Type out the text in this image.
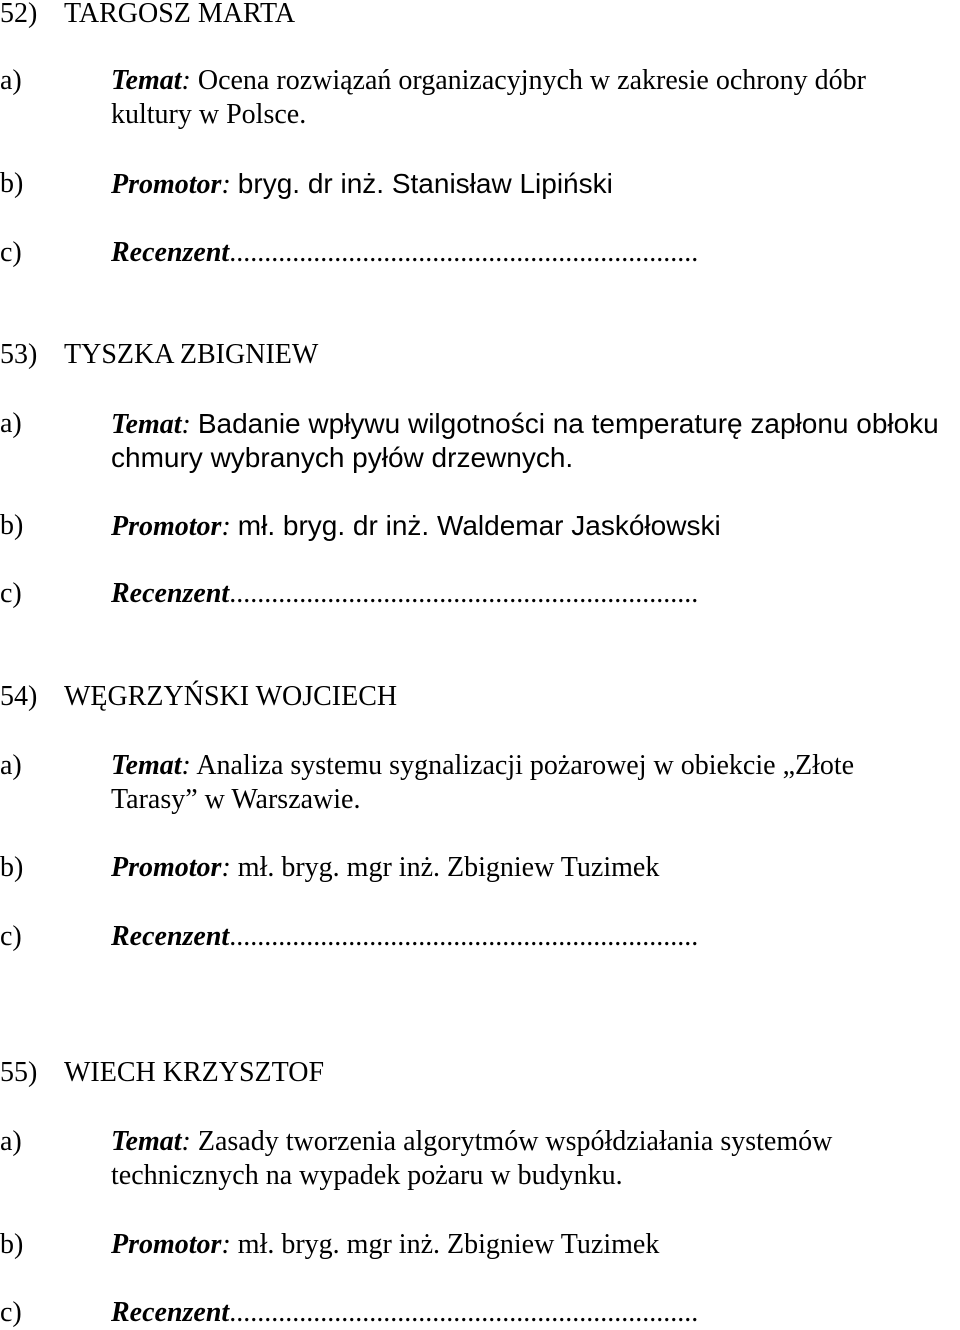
52) TARGOSZ MARTA
a)	Temat: Ocena rozwiązań organizacyjnych w zakresie ochrony dóbr
kultury w Polsce.
b)	Promotor: bryg. dr inż. Stanisław Lipiński
c)	Recenzent...................................................................
53) TYSZKA ZBIGNIEW
a)	Temat: Badanie wpływu wilgotności na temperaturę zapłonu obłoku
chmury wybranych pyłów drzewnych.
b)	Promotor: mł. bryg. dr inż. Waldemar Jaskółowski
c)	Recenzent...................................................................
54) WĘGRZYŃSKI WOJCIECH
a)	Temat: Analiza systemu sygnalizacji pożarowej w obiekcie „Złote
Tarasy” w Warszawie.
b)	Promotor: mł. bryg. mgr inż. Zbigniew Tuzimek
c)	Recenzent...................................................................
55) WIECH KRZYSZTOF
a)	Temat: Zasady tworzenia algorytmów współdziałania systemów
technicznych na wypadek pożaru w budynku.
b)	Promotor: mł. bryg. mgr inż. Zbigniew Tuzimek
c)	Recenzent...................................................................
